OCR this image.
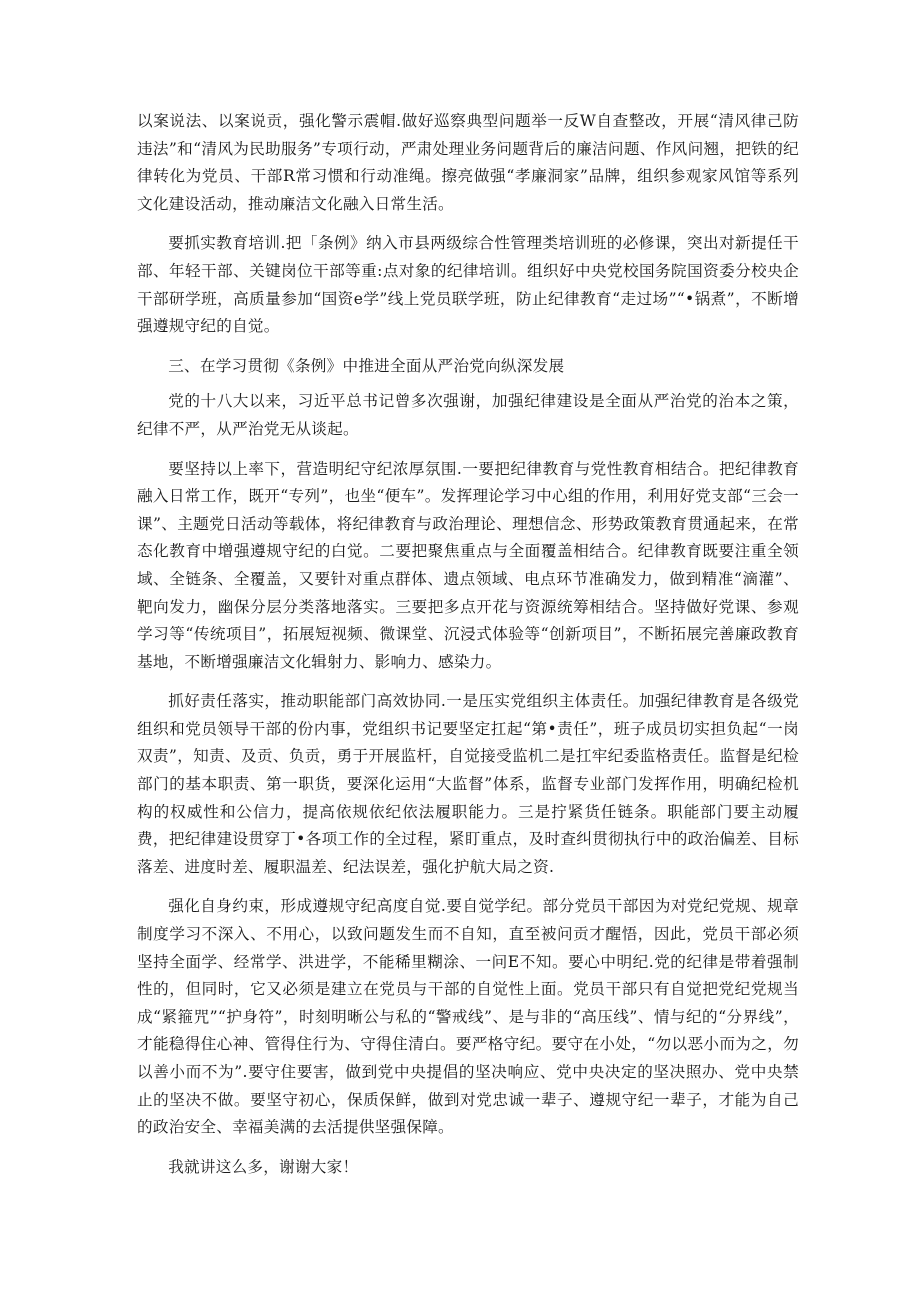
以案说法、以案说贡，强化警示震帽.做好巡察典型问题举一反W自查整改，开展“清风律己防违法”和“清风为民助服务”专项行动，严肃处理业务问题背后的廉洁问题、作风问翘，把铁的纪律转化为党员、干部R常习惯和行动准绳。擦亮做强“孝廉洞家”品牌，组织参观家风馆等系列文化建设活动，推动廉洁文化融入日常生活。

要抓实教育培训.把「条例》纳入市县两级综合性管理类培训班的必修课，突出对新提任干部、年轻干部、关键岗位干部等重:点对象的纪律培训。组织好中央党校国务院国资委分校央企干部研学班，高质量参加“国资e学”线上党员联学班，防止纪律教育“走过场”“•锅煮”，不断增强遵规守纪的自觉。

三、在学习贯彻《条例》中推进全面从严治党向纵深发展

党的十八大以来，习近平总书记曾多次强谢，加强纪律建设是全面从严治党的治本之策，纪律不严，从严治党无从谈起。

要坚持以上率下，营造明纪守纪浓厚氛围.一要把纪律教育与党性教育相结合。把纪律教育融入日常工作，既开“专列”，也坐“便车”。发挥理论学习中心组的作用，利用好党支部“三会一课”、主题党日活动等载体，将纪律教育与政治理论、理想信念、形势政策教育贯通起来，在常态化教育中增强遵规守纪的白觉。二要把聚焦重点与全面覆盖相结合。纪律教育既要注重全领域、全链条、全覆盖，又要针对重点群体、遗点领域、电点环节准确发力，做到精准“滴灌”、靶向发力，幽保分层分类落地落实。三要把多点开花与资源统筹相结合。坚持做好党课、参观学习等“传统项目”，拓展短视频、微课堂、沉浸式体验等“创新项目”，不断拓展完善廉政教育基地，不断增强廉洁文化辑射力、影响力、感染力。

抓好责任落实，推动职能部门高效协同.一是压实党组织主体责任。加强纪律教育是各级党组织和党员领导干部的份内事，党组织书记要坚定扛起“第•责任”，班子成员切实担负起“一岗双责”，知责、及贡、负贡，勇于开展监杆，自觉接受监机二是扛牢纪委监格责任。监督是纪检部门的基本职责、第一职货，要深化运用“大监督”体系，监督专业部门发挥作用，明确纪检机构的权威性和公信力，提高依规依纪依法履职能力。三是拧紧货任链条。职能部门要主动履费，把纪律建设贯穿丁•各项工作的全过程，紧盯重点，及时查纠贯彻执行中的政治偏差、目标落差、进度时差、履职温差、纪法误差，强化护航大局之资.

强化自身约束，形成遵规守纪高度自觉.要自觉学纪。部分党员干部因为对党纪党规、规章制度学习不深入、不用心，以致问题发生而不自知，直至被问贡才醒悟，因此，党员干部必须坚持全面学、经常学、洪进学，不能稀里糊涂、一问E不知。要心中明纪.党的纪律是带着强制性的，但同时，它又必须是建立在党员与干部的自觉性上面。党员干部只有自觉把党纪党规当成“紧箍咒”“护身符”，时刻明晰公与私的“警戒线”、是与非的“高压线”、情与纪的“分界线”，才能稳得住心神、管得住行为、守得住清白。要严格守纪。要守在小处，“勿以恶小而为之，勿以善小而不为”.要守住要害，做到党中央提倡的坚决响应、党中央决定的坚决照办、党中央禁止的坚决不做。要坚守初心，保质保鲜，做到对党忠诚一辈子、遵规守纪一辈子，才能为自己的政治安全、幸福美满的去活提供坚强保障。

我就讲这么多，谢谢大家！
